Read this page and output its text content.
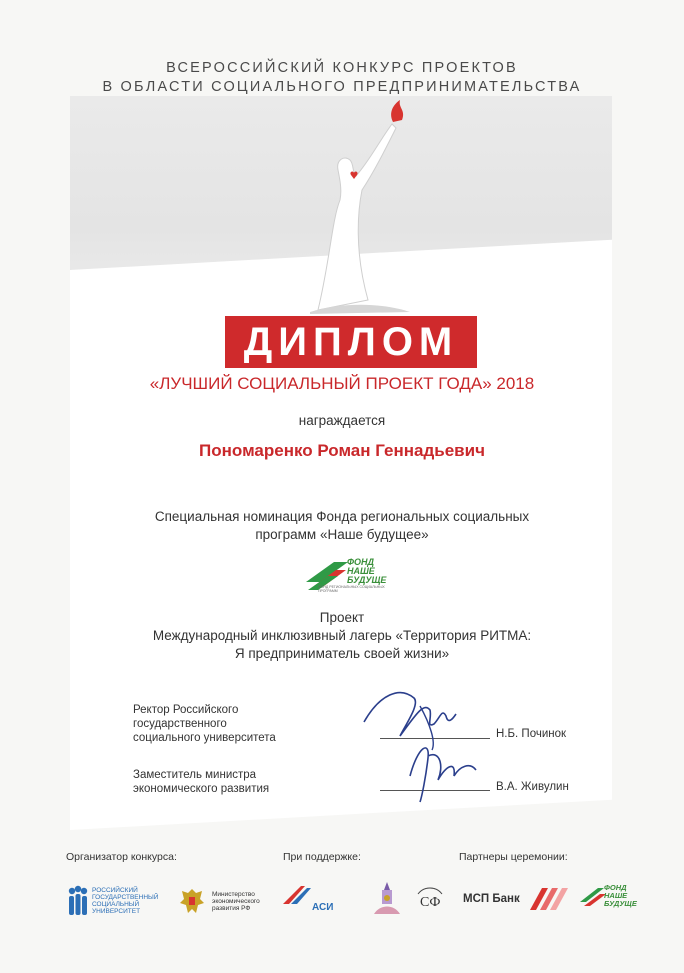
ВСЕРОССИЙСКИЙ КОНКУРС ПРОЕКТОВ
В ОБЛАСТИ СОЦИАЛЬНОГО ПРЕДПРИНИМАТЕЛЬСТВА
ДИПЛОМ
«ЛУЧШИЙ СОЦИАЛЬНЫЙ ПРОЕКТ ГОДА» 2018
награждается
Пономаренко Роман Геннадьевич
Специальная номинация Фонда региональных социальных
программ «Наше будущее»
ФОНД
НАШЕ
БУДУЩЕ
ФОНД РЕГИОНАЛЬНЫХ СОЦИАЛЬНЫХ ПРОГРАММ
Проект
Международный инклюзивный лагерь «Территория РИТМА:
Я предприниматель своей жизни»
Ректор Российского
государственного
социального университета	Н.Б. Починок
Заместитель министра
экономического развития	В.А. Живулин
Организатор конкурса:	При поддержке:	Партнеры церемонии:
РОССИЙСКИЙ
ГОСУДАРСТВЕННЫЙ
СОЦИАЛЬНЫЙ
УНИВЕРСИТЕТ
Министерство
экономического
развития РФ	АСИ	СФ МСП Банк
ФОНД НАШЕ БУДУЩЕ
